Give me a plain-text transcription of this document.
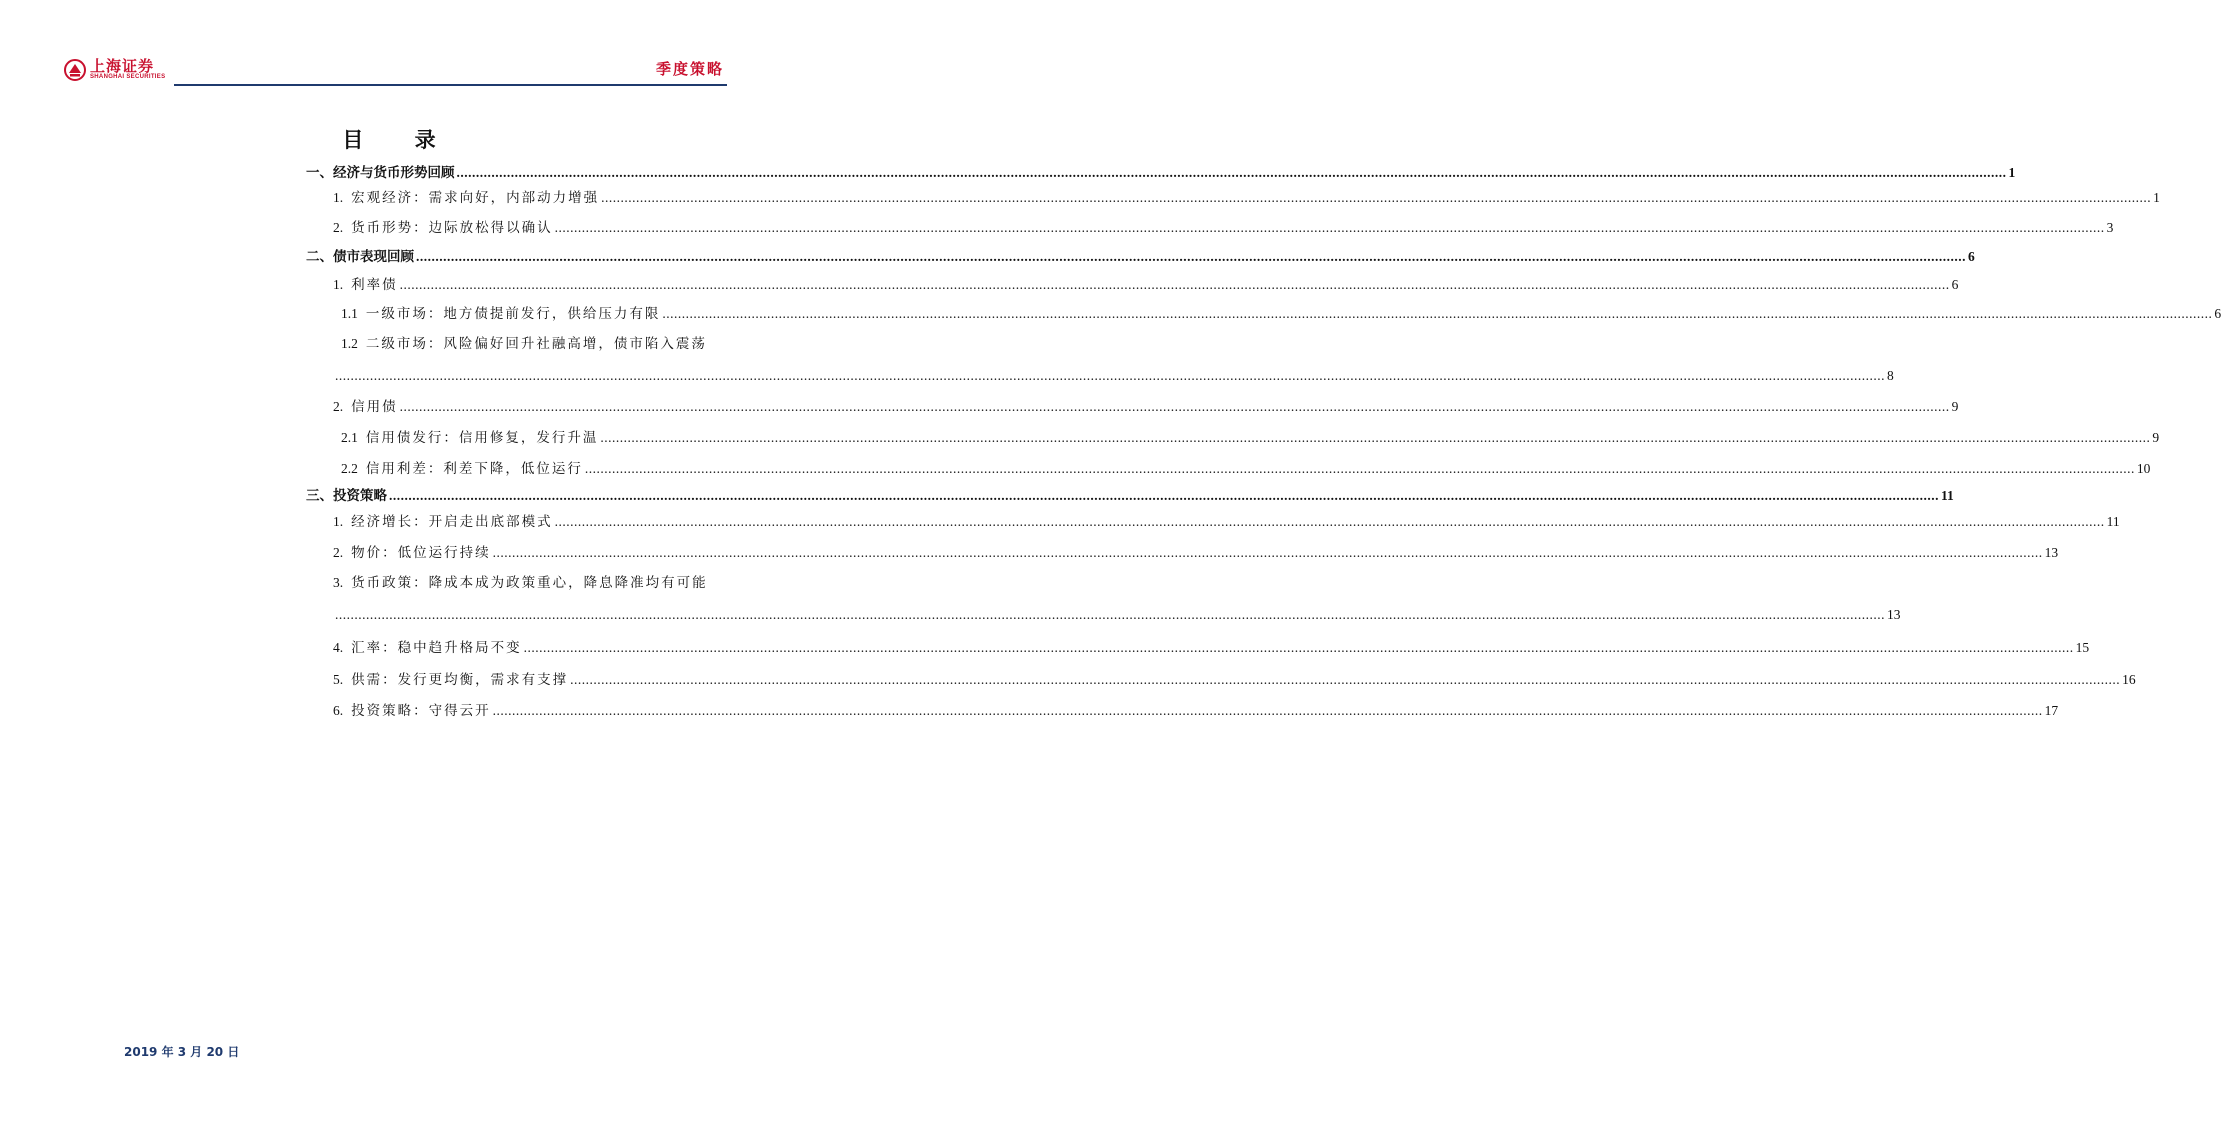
上海证券
SHANGHAI SECURITIES	季度策略
目 录
一、 经济与货币形势回顾 ................................................................................................................................................................................................................................................................................................................................................................................................................ 1
1. 宏观经济：需求向好，内部动力增强 ................................................................................................................................................................................................................................................................................................................................................................................................................ 1
2. 货币形势：边际放松得以确认 ................................................................................................................................................................................................................................................................................................................................................................................................................ 3
二、 债市表现回顾 ................................................................................................................................................................................................................................................................................................................................................................................................................ 6
1. 利率债 ................................................................................................................................................................................................................................................................................................................................................................................................................ 6
1.1 一级市场：地方债提前发行，供给压力有限 ................................................................................................................................................................................................................................................................................................................................................................................................................ 6
1.2 二级市场：风险偏好回升社融高增，债市陷入震荡
................................................................................................................................................................................................................................................................................................................................................................................................................ 8
2. 信用债 ................................................................................................................................................................................................................................................................................................................................................................................................................ 9
2.1 信用债发行：信用修复，发行升温 ................................................................................................................................................................................................................................................................................................................................................................................................................ 9
2.2 信用利差：利差下降，低位运行 ................................................................................................................................................................................................................................................................................................................................................................................................................ 10
三、 投资策略 ................................................................................................................................................................................................................................................................................................................................................................................................................ 11
1. 经济增长：开启走出底部模式 ................................................................................................................................................................................................................................................................................................................................................................................................................ 11
2. 物价：低位运行持续 ................................................................................................................................................................................................................................................................................................................................................................................................................ 13
3. 货币政策：降成本成为政策重心，降息降准均有可能
................................................................................................................................................................................................................................................................................................................................................................................................................ 13
4. 汇率：稳中趋升格局不变 ................................................................................................................................................................................................................................................................................................................................................................................................................ 15
5. 供需：发行更均衡，需求有支撑 ................................................................................................................................................................................................................................................................................................................................................................................................................ 16
6. 投资策略：守得云开 ................................................................................................................................................................................................................................................................................................................................................................................................................ 17
2019 年 3 月 20 日
